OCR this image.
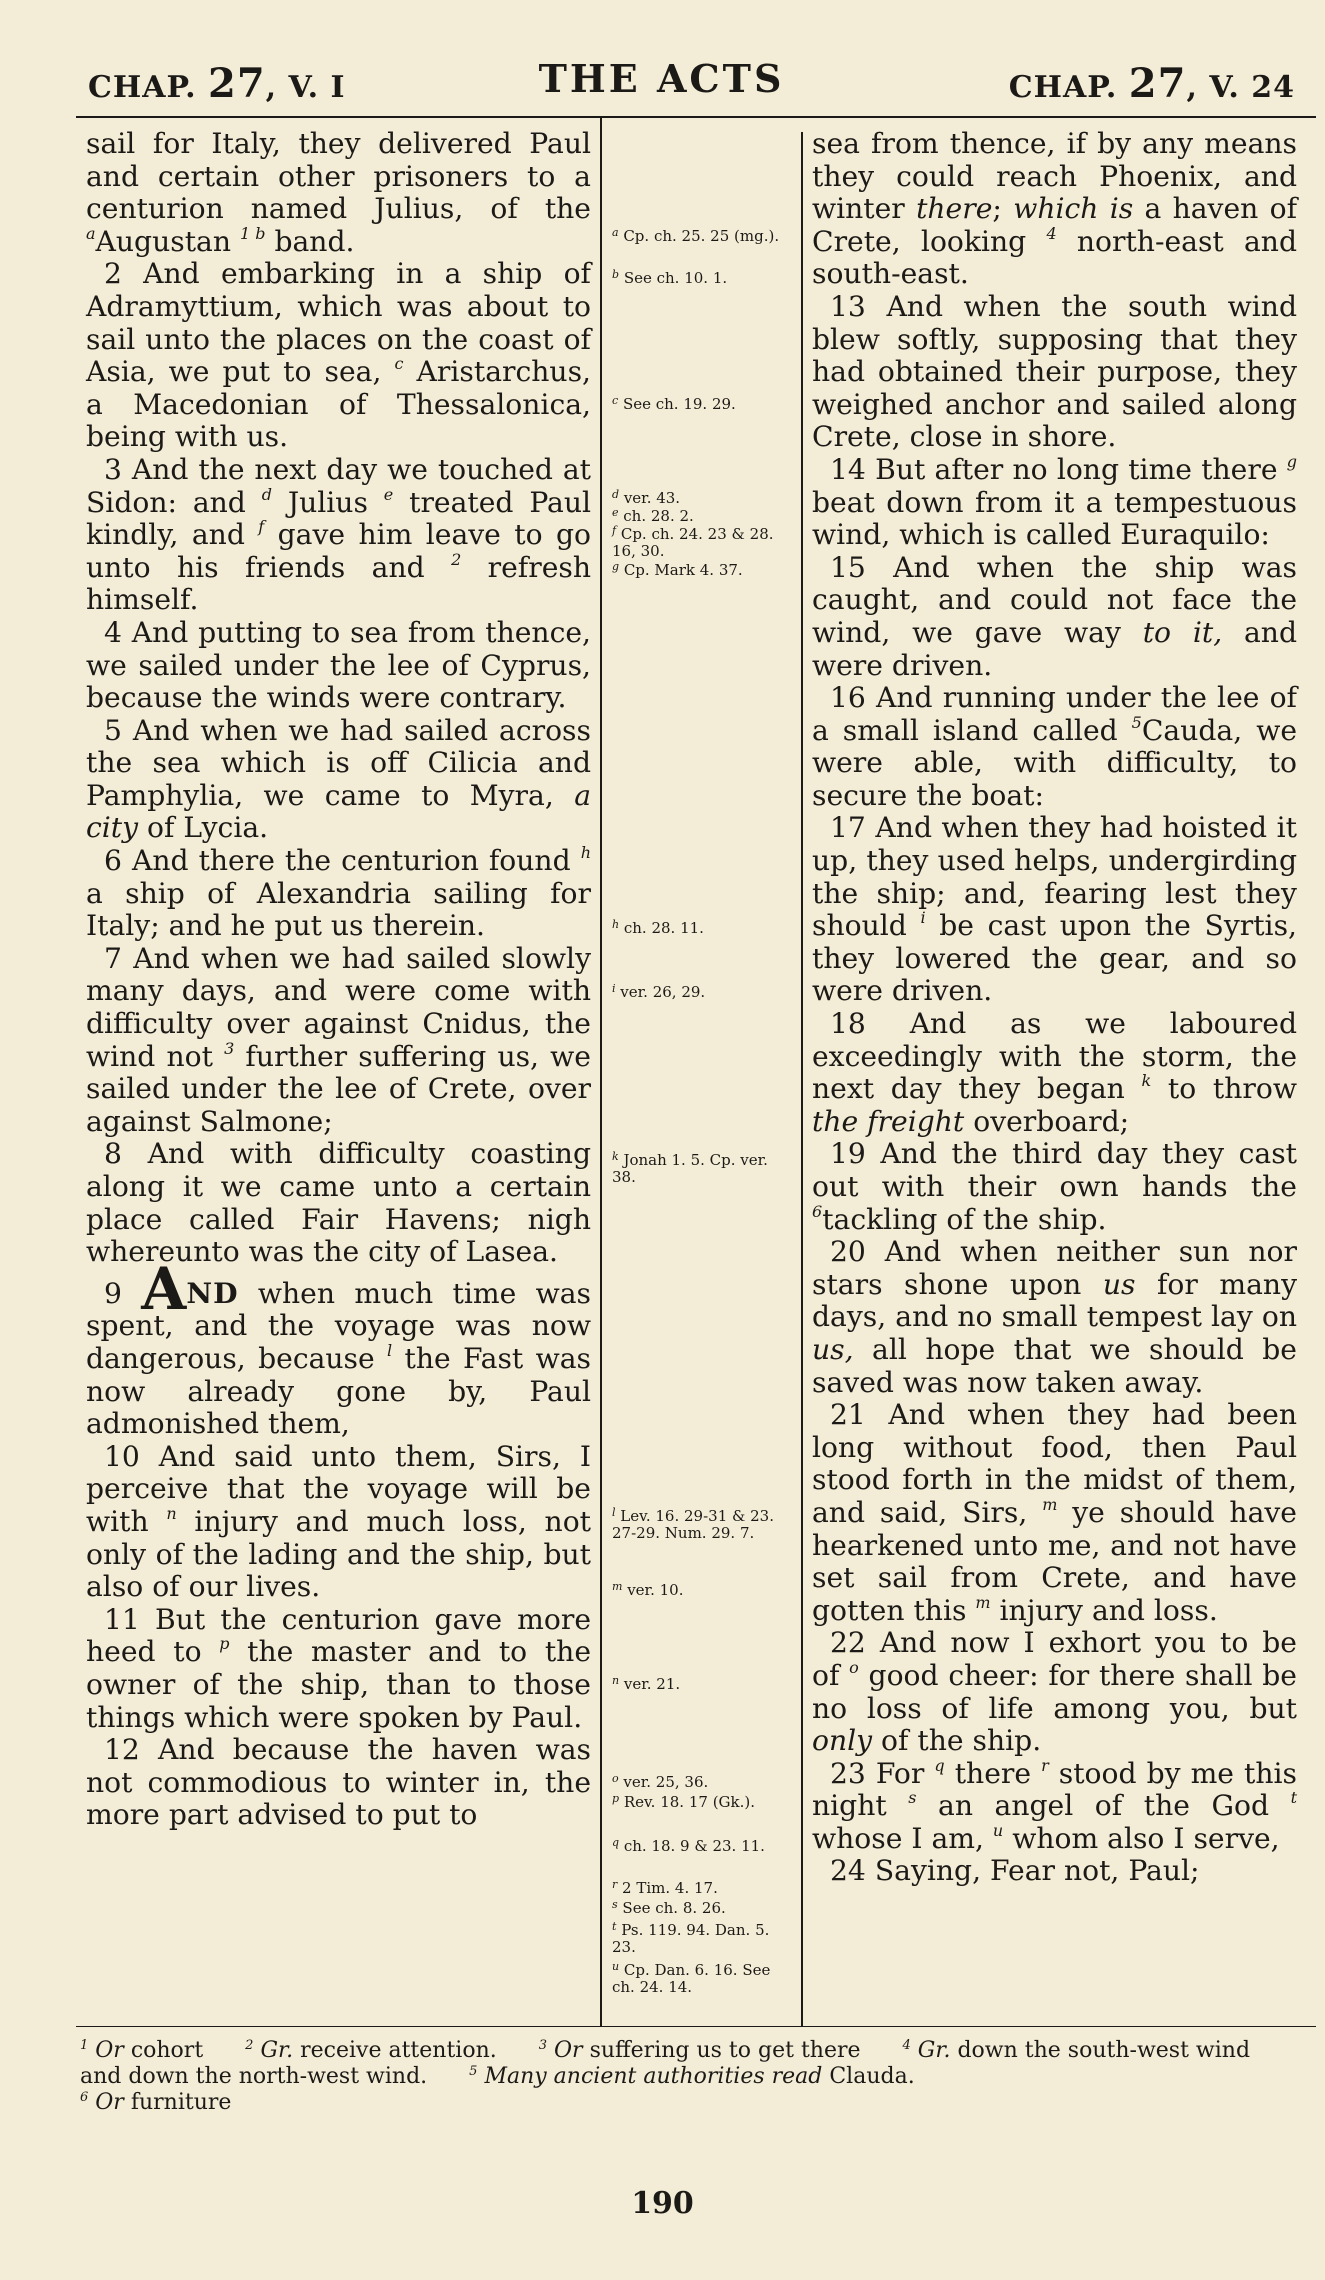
CHAP. 27, V. I	THE ACTS	CHAP. 27, V. 24

sail for Italy, they delivered Paul and certain other prisoners to a centurion named Julius, of the $^a$Augustan $^{1 b}$ band.

2 And embarking in a ship of Adramyttium, which was about to sail unto the places on the coast of Asia, we put to sea, $^c$ Aristarchus, a Macedonian of Thessalonica, being with us.

3 And the next day we touched at Sidon: and $^d$ Julius $^e$ treated Paul kindly, and $^f$ gave him leave to go unto his friends and $^2$ refresh himself.

4 And putting to sea from thence, we sailed under the lee of Cyprus, because the winds were contrary.

5 And when we had sailed across the sea which is off Cilicia and Pamphylia, we came to Myra, a city of Lycia.

6 And there the centurion found $^h$ a ship of Alexandria sailing for Italy; and he put us therein.

7 And when we had sailed slowly many days, and were come with difficulty over against Cnidus, the wind not $^3$ further suffering us, we sailed under the lee of Crete, over against Salmone;

8 And with difficulty coasting along it we came unto a certain place called Fair Havens; nigh whereunto was the city of Lasea.

9 AND when much time was spent, and the voyage was now dangerous, because $^l$ the Fast was now already gone by, Paul admonished them,

10 And said unto them, Sirs, I perceive that the voyage will be with $^n$ injury and much loss, not only of the lading and the ship, but also of our lives.

11 But the centurion gave more heed to $^p$ the master and to the owner of the ship, than to those things which were spoken by Paul.

12 And because the haven was not commodious to winter in, the more part advised to put to

$^a$ Cp. ch. 25. 25 (mg.).
$^b$ See ch. 10. 1.
$^c$ See ch. 19. 29.
$^d$ ver. 43.
$^e$ ch. 28. 2.
$^f$ Cp. ch. 24. 23 & 28. 16, 30.
$^g$ Cp. Mark 4. 37.
$^h$ ch. 28. 11.
$^i$ ver. 26, 29.
$^k$ Jonah 1. 5. Cp. ver. 38.
$^l$ Lev. 16. 29-31 & 23. 27-29. Num. 29. 7.
$^m$ ver. 10.
$^n$ ver. 21.
$^o$ ver. 25, 36.
$^p$ Rev. 18. 17 (Gk.).
$^q$ ch. 18. 9 & 23. 11.
$^r$ 2 Tim. 4. 17.
$^s$ See ch. 8. 26.
$^t$ Ps. 119. 94. Dan. 5. 23.
$^u$ Cp. Dan. 6. 16. See ch. 24. 14.

sea from thence, if by any means they could reach Phoenix, and winter there; which is a haven of Crete, looking $^4$ north-east and south-east.

13 And when the south wind blew softly, supposing that they had obtained their purpose, they weighed anchor and sailed along Crete, close in shore.

14 But after no long time there $^g$ beat down from it a tempestuous wind, which is called Euraquilo:

15 And when the ship was caught, and could not face the wind, we gave way to it, and were driven.

16 And running under the lee of a small island called $^5$Cauda, we were able, with difficulty, to secure the boat:

17 And when they had hoisted it up, they used helps, undergirding the ship; and, fearing lest they should $^i$ be cast upon the Syrtis, they lowered the gear, and so were driven.

18 And as we laboured exceedingly with the storm, the next day they began $^k$ to throw the freight overboard;

19 And the third day they cast out with their own hands the $^6$tackling of the ship.

20 And when neither sun nor stars shone upon us for many days, and no small tempest lay on us, all hope that we should be saved was now taken away.

21 And when they had been long without food, then Paul stood forth in the midst of them, and said, Sirs, $^m$ ye should have hearkened unto me, and not have set sail from Crete, and have gotten this $^m$ injury and loss.

22 And now I exhort you to be of $^o$ good cheer: for there shall be no loss of life among you, but only of the ship.

23 For $^q$ there $^r$ stood by me this night $^s$ an angel of the God $^t$ whose I am, $^u$ whom also I serve,

24 Saying, Fear not, Paul;

$^1$ Or cohort	$^2$ Gr. receive attention.	$^3$ Or suffering us to get there	$^4$ Gr. down the south-west wind and down the north-west wind.	$^5$ Many ancient authorities read Clauda.
$^6$ Or furniture
190
